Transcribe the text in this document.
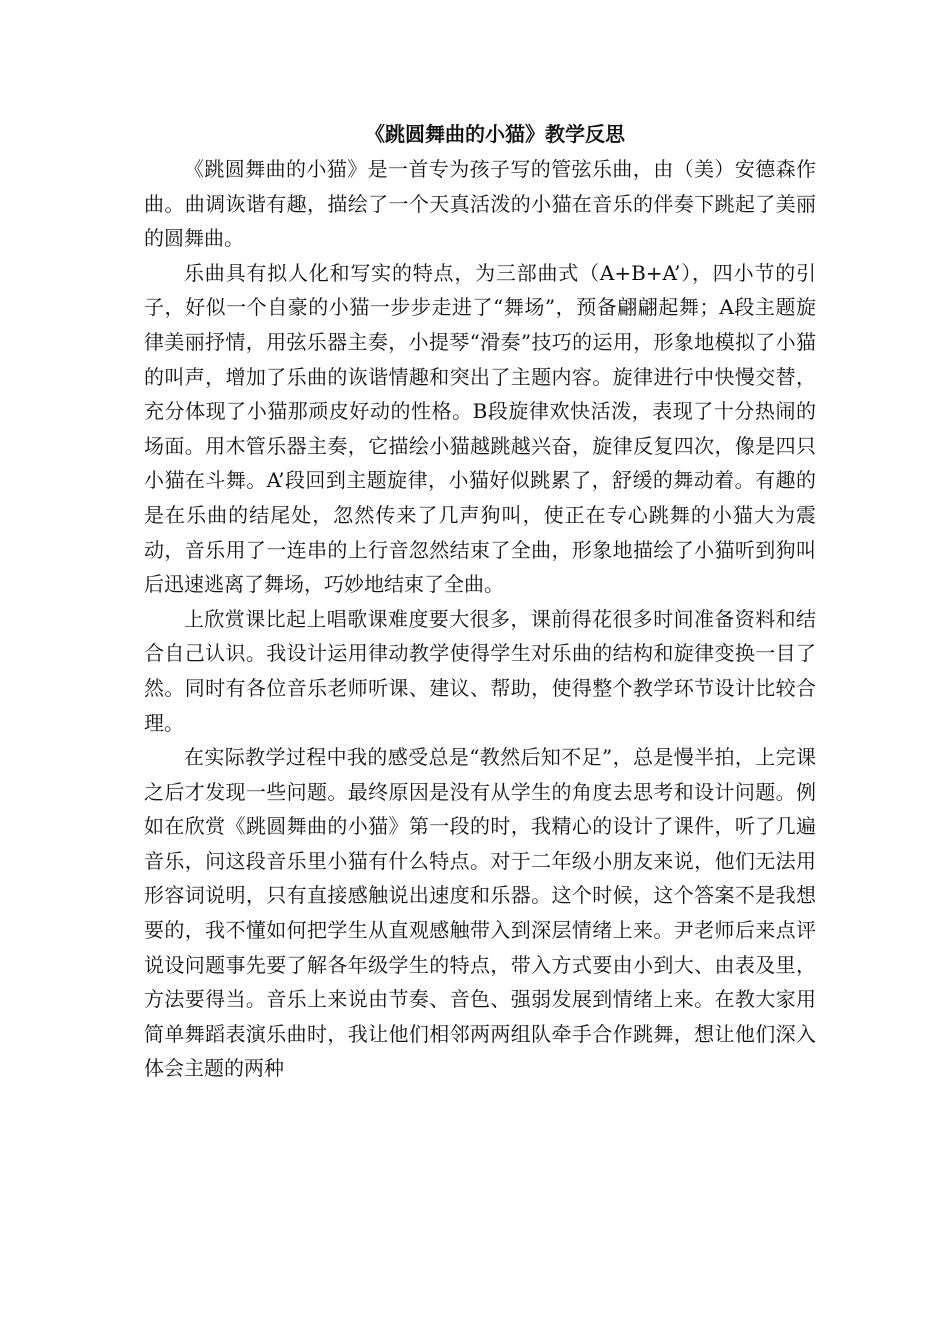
《跳圆舞曲的小猫》教学反思

《跳圆舞曲的小猫》是一首专为孩子写的管弦乐曲，由（美）安德森作曲。曲调诙谐有趣，描绘了一个天真活泼的小猫在音乐的伴奏下跳起了美丽的圆舞曲。

乐曲具有拟人化和写实的特点，为三部曲式（A+B+A’），四小节的引子，好似一个自豪的小猫一步步走进了“舞场”，预备翩翩起舞；A段主题旋律美丽抒情，用弦乐器主奏，小提琴“滑奏”技巧的运用，形象地模拟了小猫的叫声，增加了乐曲的诙谐情趣和突出了主题内容。旋律进行中快慢交替，充分体现了小猫那顽皮好动的性格。B段旋律欢快活泼，表现了十分热闹的场面。用木管乐器主奏，它描绘小猫越跳越兴奋，旋律反复四次，像是四只小猫在斗舞。A’段回到主题旋律，小猫好似跳累了，舒缓的舞动着。有趣的是在乐曲的结尾处，忽然传来了几声狗叫，使正在专心跳舞的小猫大为震动，音乐用了一连串的上行音忽然结束了全曲，形象地描绘了小猫听到狗叫后迅速逃离了舞场，巧妙地结束了全曲。

上欣赏课比起上唱歌课难度要大很多，课前得花很多时间准备资料和结合自己认识。我设计运用律动教学使得学生对乐曲的结构和旋律变换一目了然。同时有各位音乐老师听课、建议、帮助，使得整个教学环节设计比较合理。

在实际教学过程中我的感受总是“教然后知不足”，总是慢半拍，上完课之后才发现一些问题。最终原因是没有从学生的角度去思考和设计问题。例如在欣赏《跳圆舞曲的小猫》第一段的时，我精心的设计了课件，听了几遍音乐，问这段音乐里小猫有什么特点。对于二年级小朋友来说，他们无法用形容词说明，只有直接感触说出速度和乐器。这个时候，这个答案不是我想要的，我不懂如何把学生从直观感触带入到深层情绪上来。尹老师后来点评说设问题事先要了解各年级学生的特点，带入方式要由小到大、由表及里，方法要得当。音乐上来说由节奏、音色、强弱发展到情绪上来。在教大家用简单舞蹈表演乐曲时，我让他们相邻两两组队牵手合作跳舞，想让他们深入体会主题的两种
